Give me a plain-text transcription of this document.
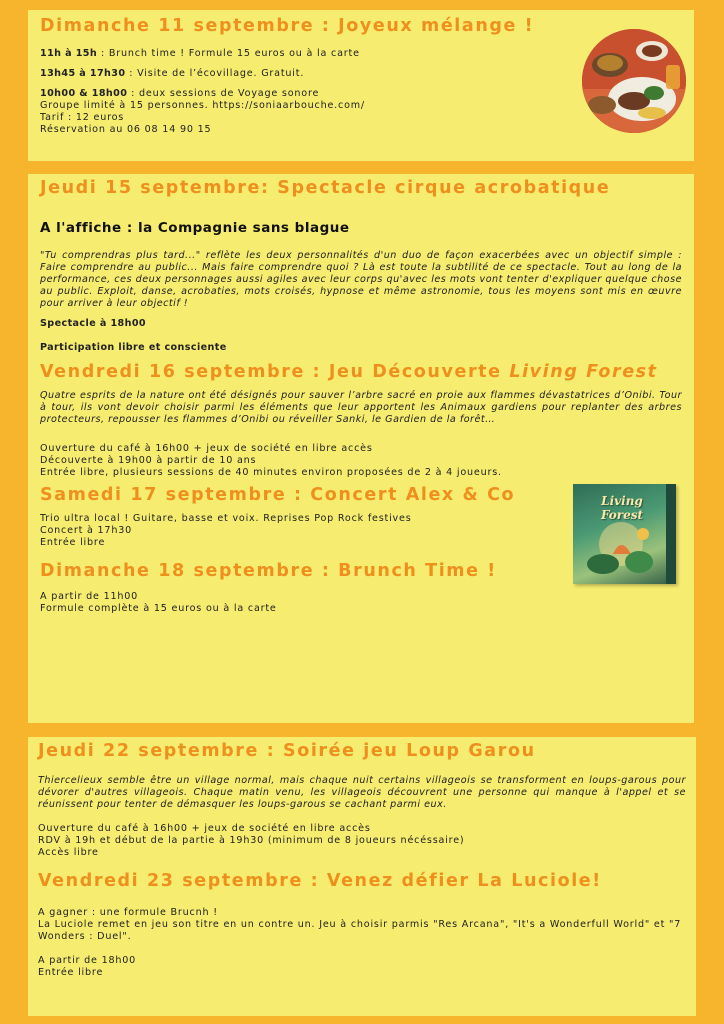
Dimanche 11 septembre : Joyeux mélange !

11h à 15h : Brunch time ! Formule 15 euros ou à la carte

13h45 à 17h30 : Visite de l’écovillage. Gratuit.

10h00 & 18h00 : deux sessions de Voyage sonore

Groupe limité à 15 personnes. https://soniaarbouche.com/

Tarif : 12 euros

Réservation au 06 08 14 90 15

Jeudi 15 septembre: Spectacle cirque acrobatique
A l'affiche : la Compagnie sans blague

"Tu comprendras plus tard..." reflète les deux personnalités d'un duo de façon exacerbées avec un objectif simple : Faire comprendre au public... Mais faire comprendre quoi ? Là est toute la subtilité de ce spectacle. Tout au long de la performance, ces deux personnages aussi agiles avec leur corps qu'avec les mots vont tenter d'expliquer quelque chose au public. Exploit, danse, acrobaties, mots croisés, hypnose et même astronomie, tous les moyens sont mis en œuvre pour arriver à leur objectif !

Spectacle à 18h00

Participation libre et consciente

Vendredi 16 septembre : Jeu Découverte Living Forest

Quatre esprits de la nature ont été désignés pour sauver l’arbre sacré en proie aux flammes dévastatrices d’Onibi. Tour à tour, ils vont devoir choisir parmi les éléments que leur apportent les Animaux gardiens pour replanter des arbres protecteurs, repousser les flammes d’Onibi ou réveiller Sanki, le Gardien de la forêt…

Ouverture du café à 16h00 + jeux de société en libre accès

Découverte à 19h00 à partir de 10 ans

Entrée libre, plusieurs sessions de 40 minutes environ proposées de 2 à 4 joueurs.

Samedi 17 septembre : Concert Alex & Co

Trio ultra local ! Guitare, basse et voix. Reprises Pop Rock festives

Concert à 17h30

Entrée libre

Dimanche 18 septembre : Brunch Time !

A partir de 11h00

Formule complète à 15 euros ou à la carte

Living Forest
Jeudi 22 septembre : Soirée jeu Loup Garou

Thiercelieux semble être un village normal, mais chaque nuit certains villageois se transforment en loups-garous pour dévorer d'autres villageois. Chaque matin venu, les villageois découvrent une personne qui manque à l'appel et se réunissent pour tenter de démasquer les loups-garous se cachant parmi eux.

Ouverture du café à 16h00 + jeux de société en libre accès

RDV à 19h et début de la partie à 19h30 (minimum de 8 joueurs nécéssaire)

Accès libre

Vendredi 23 septembre : Venez défier La Luciole!

A gagner : une formule Brucnh !

La Luciole remet en jeu son titre en un contre un. Jeu à choisir parmis "Res Arcana", "It's a Wonderfull World" et "7 Wonders : Duel".

A partir de 18h00

Entrée libre
